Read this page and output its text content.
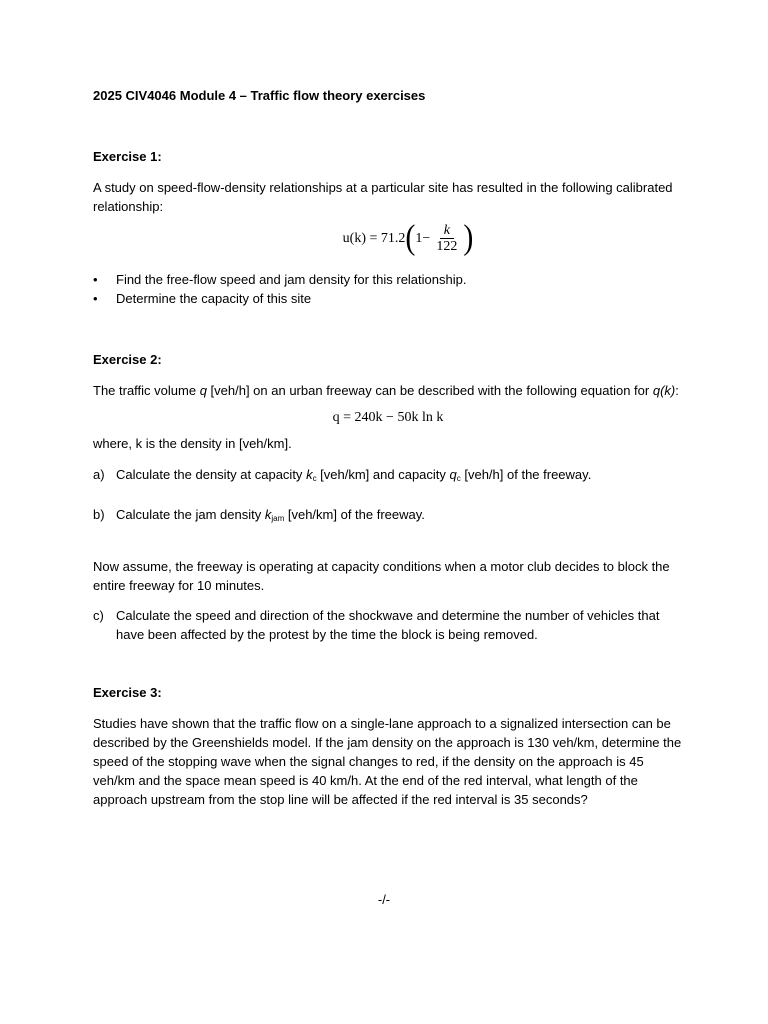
2025 CIV4046 Module 4 – Traffic flow theory exercises

Exercise 1:

A study on speed-flow-density relationships at a particular site has resulted in the following calibrated relationship:

u(k) = 71.2 ( $1- \frac{k}{122}$ )
• Find the free-flow speed and jam density for this relationship.
• Determine the capacity of this site

Exercise 2:

The traffic volume q [veh/h] on an urban freeway can be described with the following equation for q(k):

q = 240k − 50k ln k

where, k is the density in [veh/km].

a) Calculate the density at capacity $k_c$ [veh/km] and capacity $q_c$ [veh/h] of the freeway.
b) Calculate the jam density $k_{jam}$ [veh/km] of the freeway.

Now assume, the freeway is operating at capacity conditions when a motor club decides to block the entire freeway for 10 minutes.

c) Calculate the speed and direction of the shockwave and determine the number of vehicles that have been affected by the protest by the time the block is being removed.

Exercise 3:

Studies have shown that the traffic flow on a single-lane approach to a signalized intersection can be described by the Greenshields model. If the jam density on the approach is 130 veh/km, determine the speed of the stopping wave when the signal changes to red, if the density on the approach is 45 veh/km and the space mean speed is 40 km/h. At the end of the red interval, what length of the approach upstream from the stop line will be affected if the red interval is 35 seconds?

-/-
